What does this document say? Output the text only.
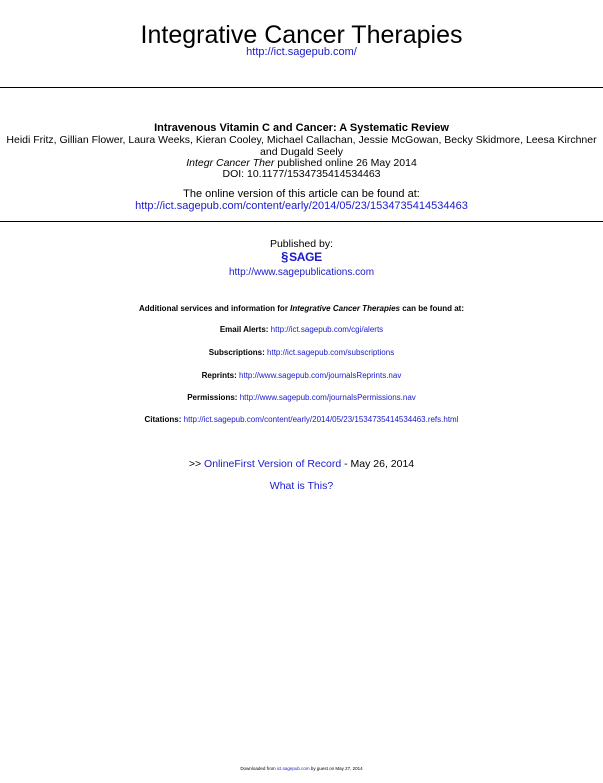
Integrative Cancer Therapies
http://ict.sagepub.com/
Intravenous Vitamin C and Cancer: A Systematic Review
Heidi Fritz, Gillian Flower, Laura Weeks, Kieran Cooley, Michael Callachan, Jessie McGowan, Becky Skidmore, Leesa Kirchner and Dugald Seely
Integr Cancer Ther published online 26 May 2014
DOI: 10.1177/1534735414534463
The online version of this article can be found at:
http://ict.sagepub.com/content/early/2014/05/23/1534735414534463
Published by:
§SAGE
http://www.sagepublications.com
Additional services and information for Integrative Cancer Therapies can be found at:
Email Alerts: http://ict.sagepub.com/cgi/alerts
Subscriptions: http://ict.sagepub.com/subscriptions
Reprints: http://www.sagepub.com/journalsReprints.nav
Permissions: http://www.sagepub.com/journalsPermissions.nav
Citations: http://ict.sagepub.com/content/early/2014/05/23/1534735414534463.refs.html
>> OnlineFirst Version of Record - May 26, 2014
What is This?
Downloaded from ict.sagepub.com by guest on May 27, 2014
